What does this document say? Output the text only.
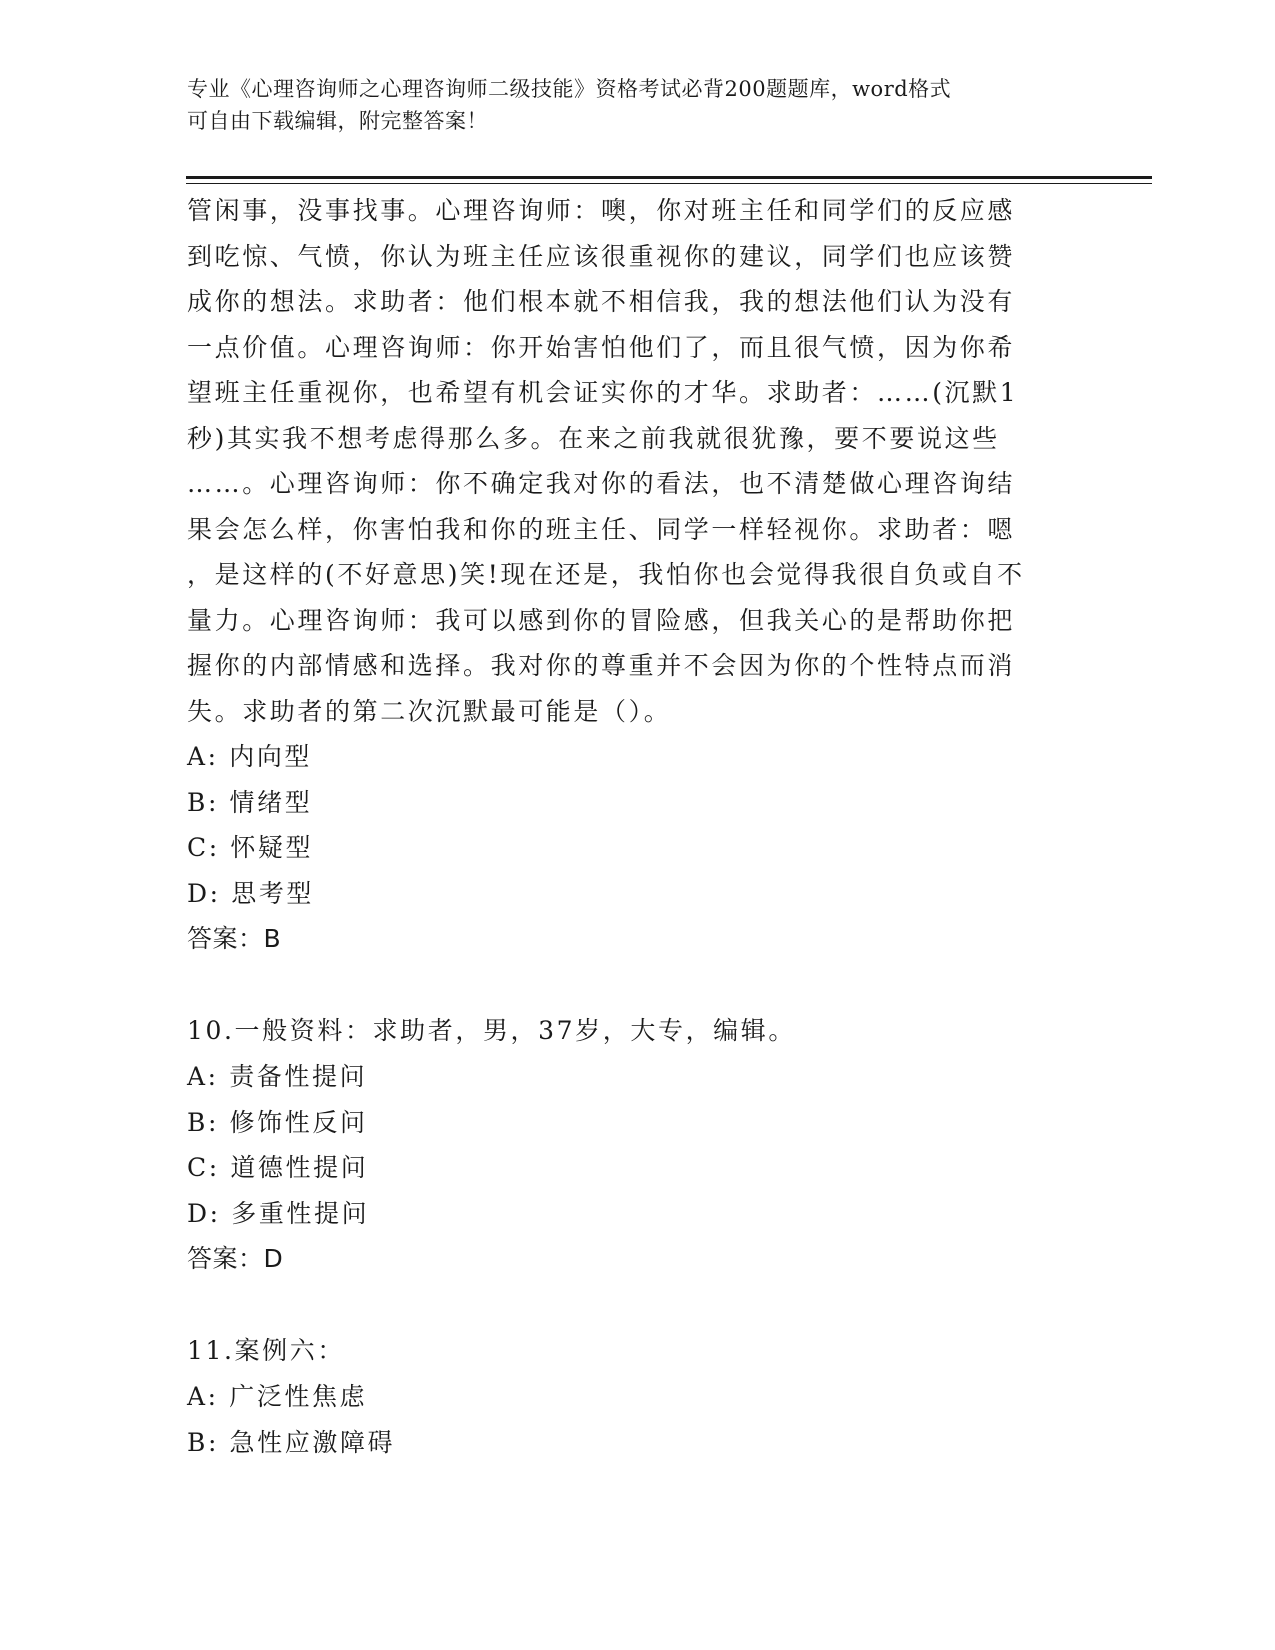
专业《心理咨询师之心理咨询师二级技能》资格考试必背200题题库，word格式
可自由下载编辑，附完整答案！
管闲事，没事找事。心理咨询师：噢，你对班主任和同学们的反应感
到吃惊、气愤，你认为班主任应该很重视你的建议，同学们也应该赞
成你的想法。求助者：他们根本就不相信我，我的想法他们认为没有
一点价值。心理咨询师：你开始害怕他们了，而且很气愤，因为你希
望班主任重视你，也希望有机会证实你的才华。求助者：……(沉默1
秒)其实我不想考虑得那么多。在来之前我就很犹豫，要不要说这些
……。心理咨询师：你不确定我对你的看法，也不清楚做心理咨询结
果会怎么样，你害怕我和你的班主任、同学一样轻视你。求助者：嗯
，是这样的(不好意思)笑!现在还是，我怕你也会觉得我很自负或自不
量力。心理咨询师：我可以感到你的冒险感，但我关心的是帮助你把
握你的内部情感和选择。我对你的尊重并不会因为你的个性特点而消
失。求助者的第二次沉默最可能是（）。
A: 内向型
B: 情绪型
C: 怀疑型
D: 思考型
答案：B
10.一般资料：求助者，男，37岁，大专，编辑。
A: 责备性提问
B: 修饰性反问
C: 道德性提问
D: 多重性提问
答案：D
11.案例六：
A: 广泛性焦虑
B: 急性应激障碍
